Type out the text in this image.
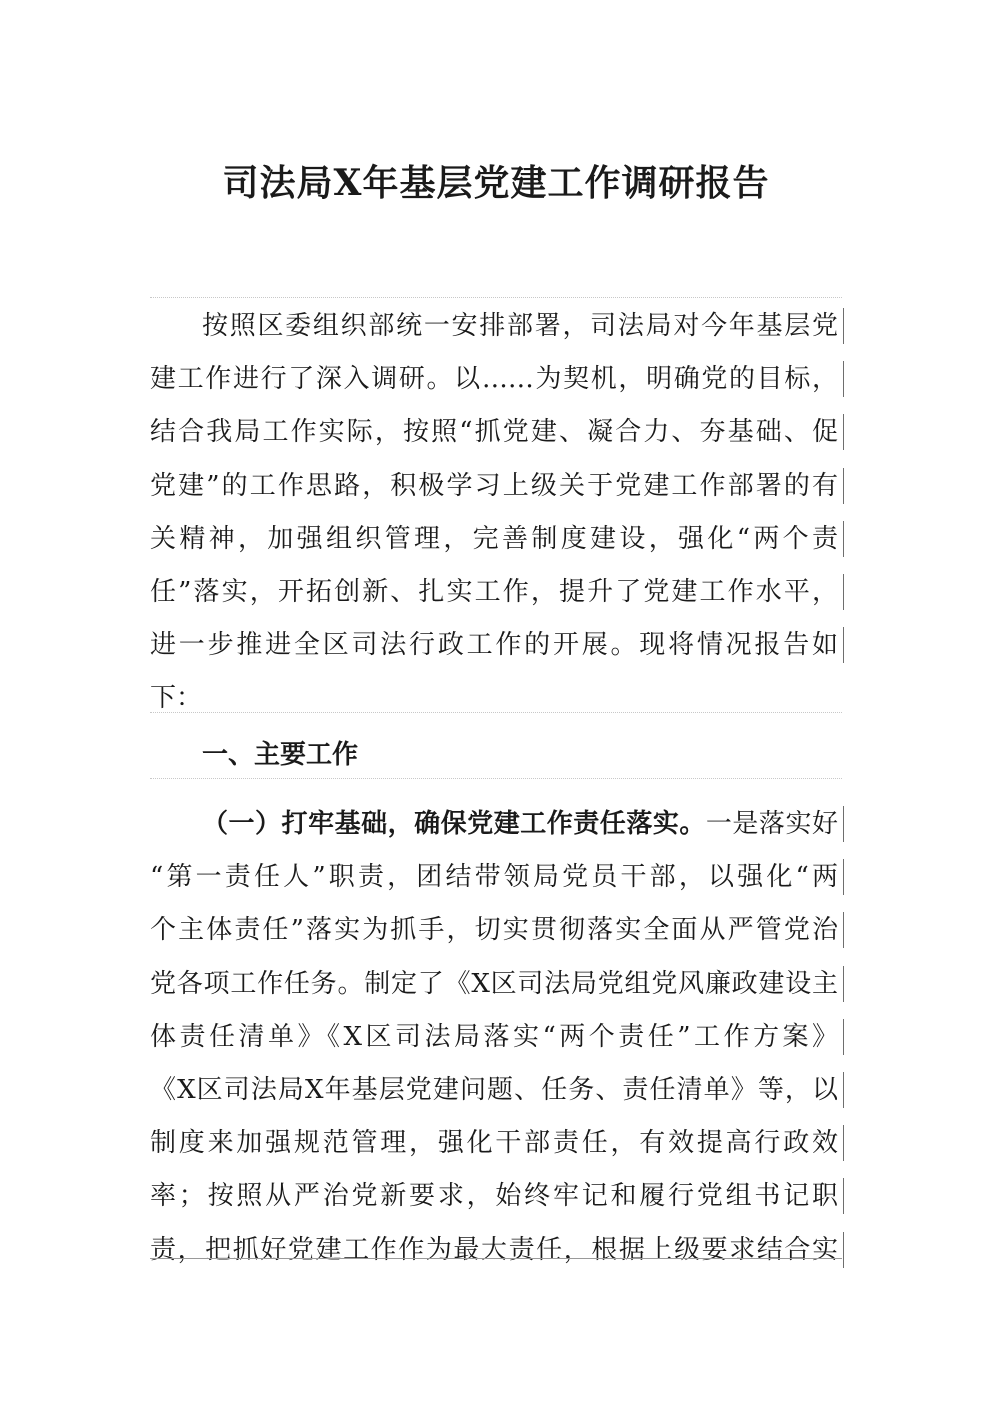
司法局X年基层党建工作调研报告
按照区委组织部统一安排部署，司法局对今年基层党
建工作进行了深入调研。以……为契机，明确党的目标，
结合我局工作实际，按照“抓党建、凝合力、夯基础、促
党建”的工作思路，积极学习上级关于党建工作部署的有
关精神，加强组织管理，完善制度建设，强化“两个责
任”落实，开拓创新、扎实工作，提升了党建工作水平，
进一步推进全区司法行政工作的开展。现将情况报告如
下：
一、主要工作
（一）打牢基础，确保党建工作责任落实。一是落实好
“第一责任人”职责，团结带领局党员干部，以强化“两
个主体责任”落实为抓手，切实贯彻落实全面从严管党治
党各项工作任务。制定了《X区司法局党组党风廉政建设主
体责任清单》《X区司法局落实“两个责任”工作方案》
《X区司法局X年基层党建问题、任务、责任清单》等，以
制度来加强规范管理，强化干部责任，有效提高行政效
率；按照从严治党新要求，始终牢记和履行党组书记职
责，把抓好党建工作作为最大责任，根据上级要求结合实
